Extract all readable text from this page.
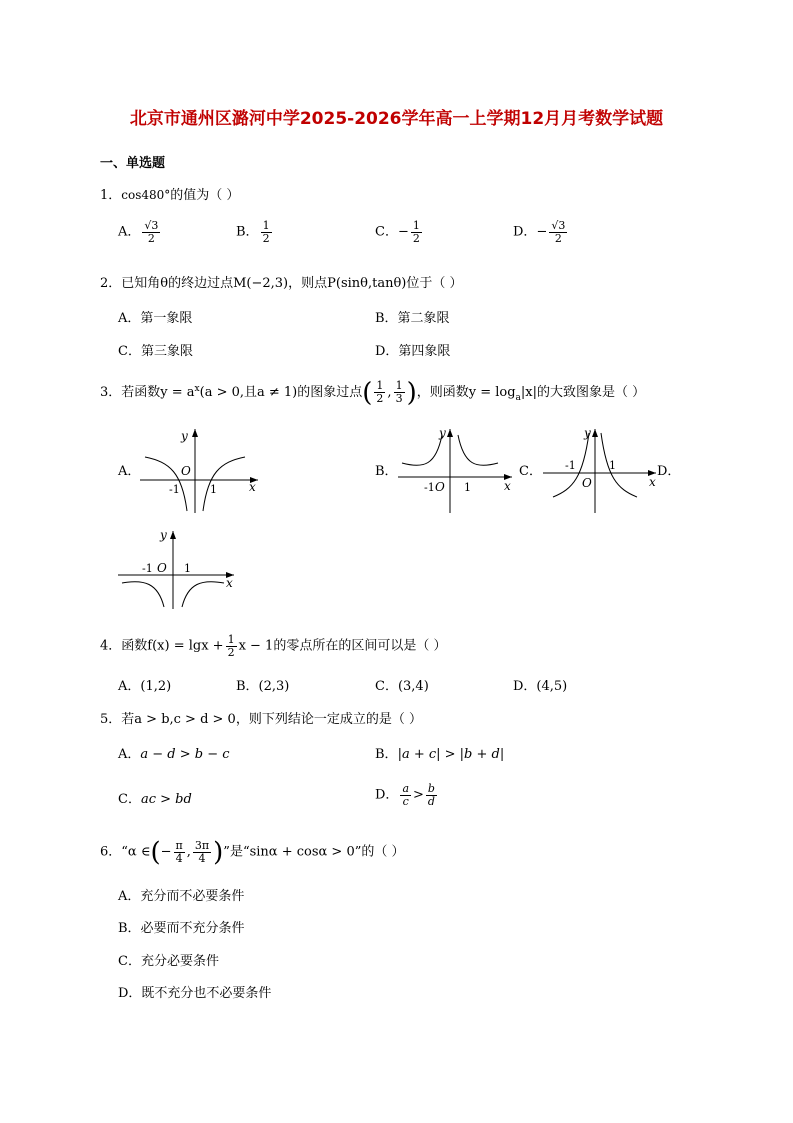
北京市通州区潞河中学2025-2026学年高一上学期12月月考数学试题
一、单选题
1．cos480°的值为（ ）
A． $\frac{√3}{2}$	B． $\frac{1}{2}$	C．− $\frac{1}{2}$	D．− $\frac{√3}{2}$
2．已知角θ的终边过点M(−2,3)，则点P(sinθ,tanθ)位于（ ）
A．第一象限	B．第二象限
C．第三象限	D．第四象限
3．若函数$y = a^x(a > 0$,且a ≠ 1)的图象过点( $\frac{1}{2}$ , $\frac{1}{3}$ )，则函数$y = \log_a|x|$的大致图象是（ ）
A．
y
x
O
-1	1
B．
y
x
-1 O 1
C．
y
x
-1	1
O
D．
y
x
-1 O 1
4．函数$f(x) = \lg x + \frac{1}{2}$ x − 1的零点所在的区间可以是（ ）
A．(1,2)	B．(2,3)	C．(3,4)	D．(4,5)
5．若a > b,c > d > 0，则下列结论一定成立的是（ ）
A．a − d > b − c	B．|a + c| > |b + d|
C．ac > bd	D． $\frac{a}{c} > \frac{b}{d}$
6．“α ∈(− $\frac{\pi}{4}$ , $\frac{3\pi}{4}$ )”是“sinα + cosα > 0”的（ ）
A．充分而不必要条件
B．必要而不充分条件
C．充分必要条件
D．既不充分也不必要条件
